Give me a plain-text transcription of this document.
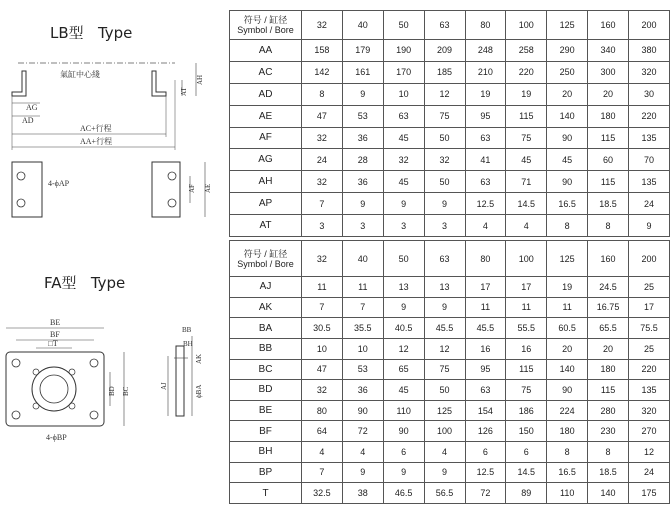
LB型   Type
氣缸中心綫
AG
AD
AC+行程
AA+行程
AT
AH
4-ϕAP
AF AE
FA型   Type
BE
BF
□T
BD BC
4-ϕBP
BB
BH
AK
ϕBA
AJ
符号 / 缸径
Symbol / Bore	32	40	50	63	80	100	125	160	200
AA	158	179	190	209	248	258	290	340	380
AC	142	161	170	185	210	220	250	300	320
AD	8	9	10	12	19	19	20	20	30
AE	47	53	63	75	95	115	140	180	220
AF	32	36	45	50	63	75	90	115	135
AG	24	28	32	32	41	45	45	60	70
AH	32	36	45	50	63	71	90	115	135
AP	7	9	9	9	12.5	14.5	16.5	18.5	24
AT	3	3	3	3	4	4	8	8	9
符号 / 缸径
Symbol / Bore	32	40	50	63	80	100	125	160	200
AJ	11	11	13	13	17	17	19	24.5	25
AK	7	7	9	9	11	11	11	16.75	17
BA	30.5	35.5	40.5	45.5	45.5	55.5	60.5	65.5	75.5
BB	10	10	12	12	16	16	20	20	25
BC	47	53	65	75	95	115	140	180	220
BD	32	36	45	50	63	75	90	115	135
BE	80	90	110	125	154	186	224	280	320
BF	64	72	90	100	126	150	180	230	270
BH	4	4	6	4	6	6	8	8	12
BP	7	9	9	9	12.5	14.5	16.5	18.5	24
T	32.5	38	46.5	56.5	72	89	110	140	175
